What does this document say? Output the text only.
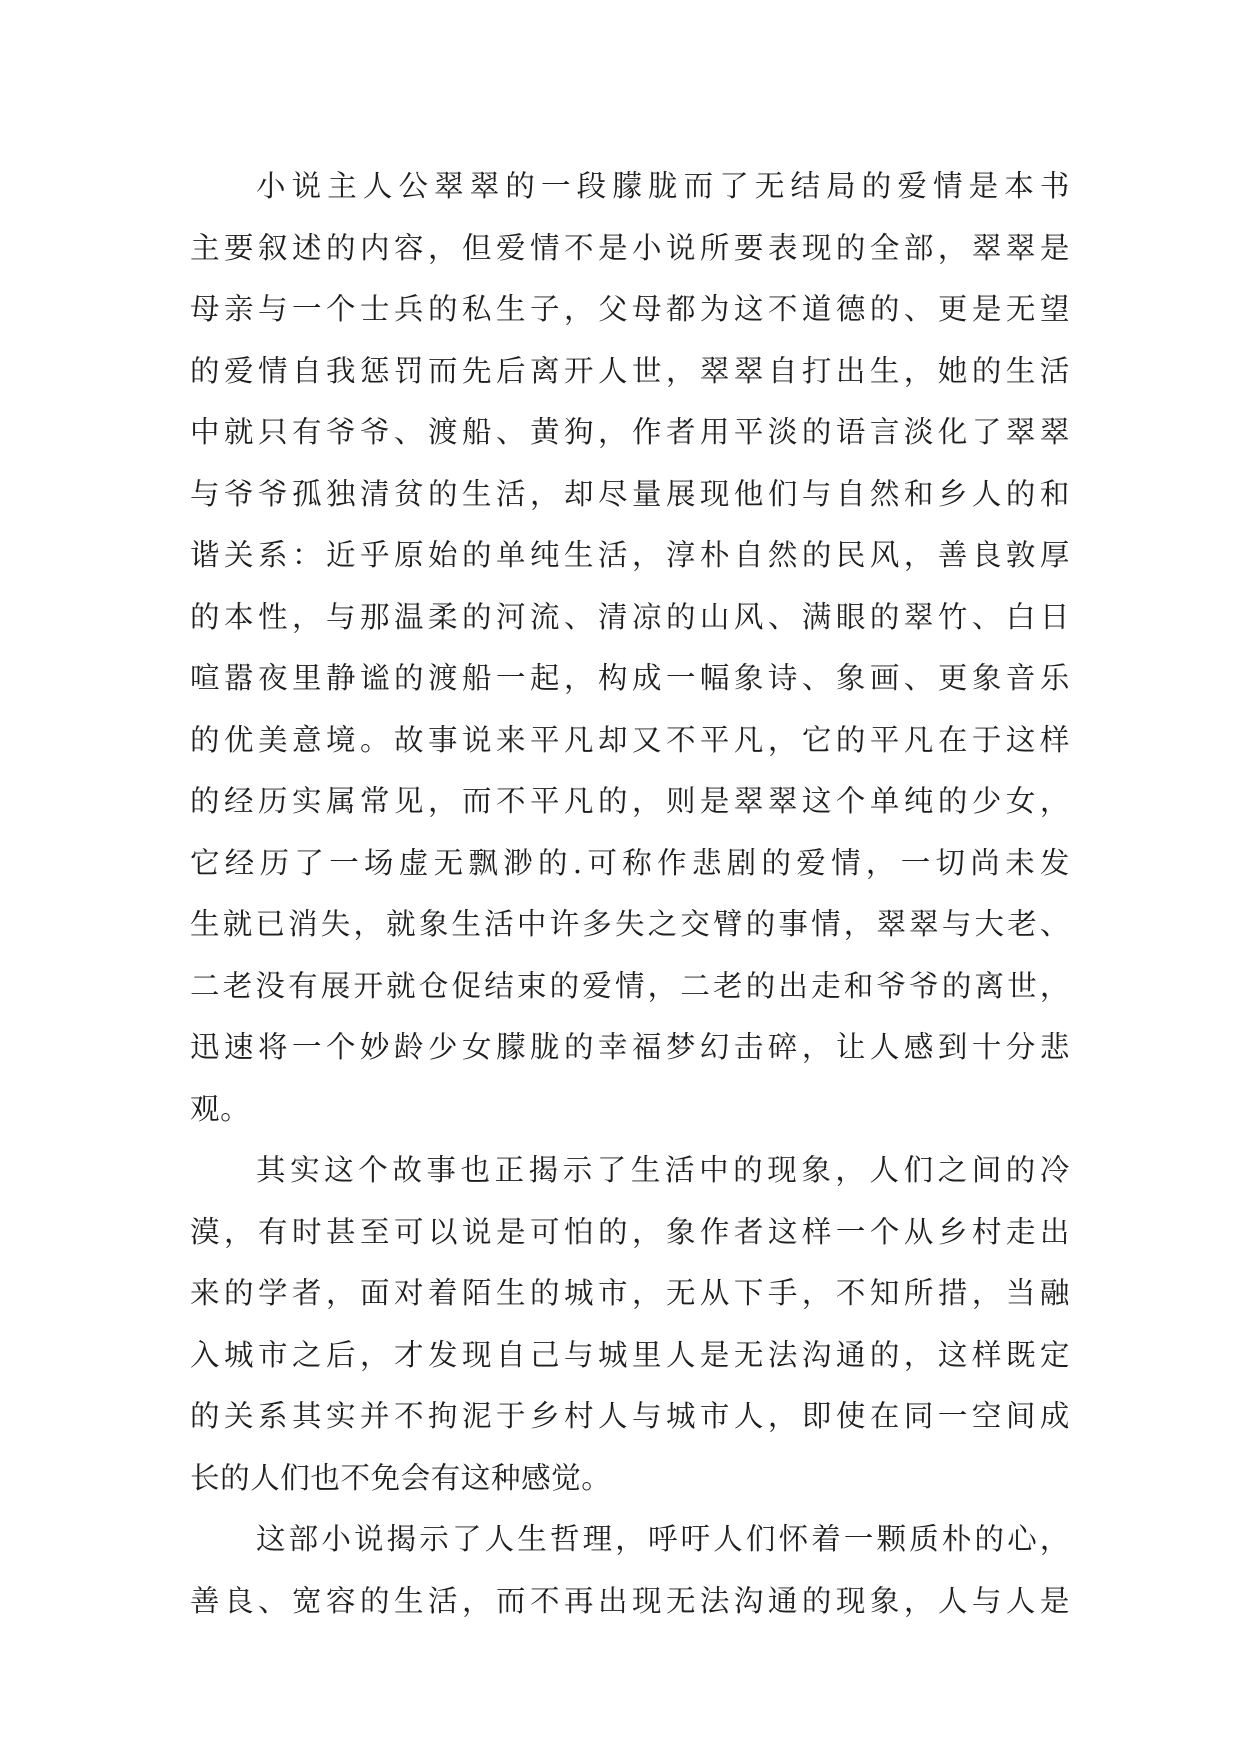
小说主人公翠翠的一段朦胧而了无结局的爱情是本书
主要叙述的内容，但爱情不是小说所要表现的全部，翠翠是
母亲与一个士兵的私生子，父母都为这不道德的、更是无望
的爱情自我惩罚而先后离开人世，翠翠自打出生，她的生活
中就只有爷爷、渡船、黄狗，作者用平淡的语言淡化了翠翠
与爷爷孤独清贫的生活，却尽量展现他们与自然和乡人的和
谐关系：近乎原始的单纯生活，淳朴自然的民风，善良敦厚
的本性，与那温柔的河流、清凉的山风、满眼的翠竹、白日
喧嚣夜里静谧的渡船一起，构成一幅象诗、象画、更象音乐
的优美意境。故事说来平凡却又不平凡，它的平凡在于这样
的经历实属常见，而不平凡的，则是翠翠这个单纯的少女，
它经历了一场虚无飘渺的.可称作悲剧的爱情，一切尚未发
生就已消失，就象生活中许多失之交臂的事情，翠翠与大老、
二老没有展开就仓促结束的爱情，二老的出走和爷爷的离世，
迅速将一个妙龄少女朦胧的幸福梦幻击碎，让人感到十分悲
观。
其实这个故事也正揭示了生活中的现象，人们之间的冷
漠，有时甚至可以说是可怕的，象作者这样一个从乡村走出
来的学者，面对着陌生的城市，无从下手，不知所措，当融
入城市之后，才发现自己与城里人是无法沟通的，这样既定
的关系其实并不拘泥于乡村人与城市人，即使在同一空间成
长的人们也不免会有这种感觉。
这部小说揭示了人生哲理，呼吁人们怀着一颗质朴的心，
善良、宽容的生活，而不再出现无法沟通的现象，人与人是
